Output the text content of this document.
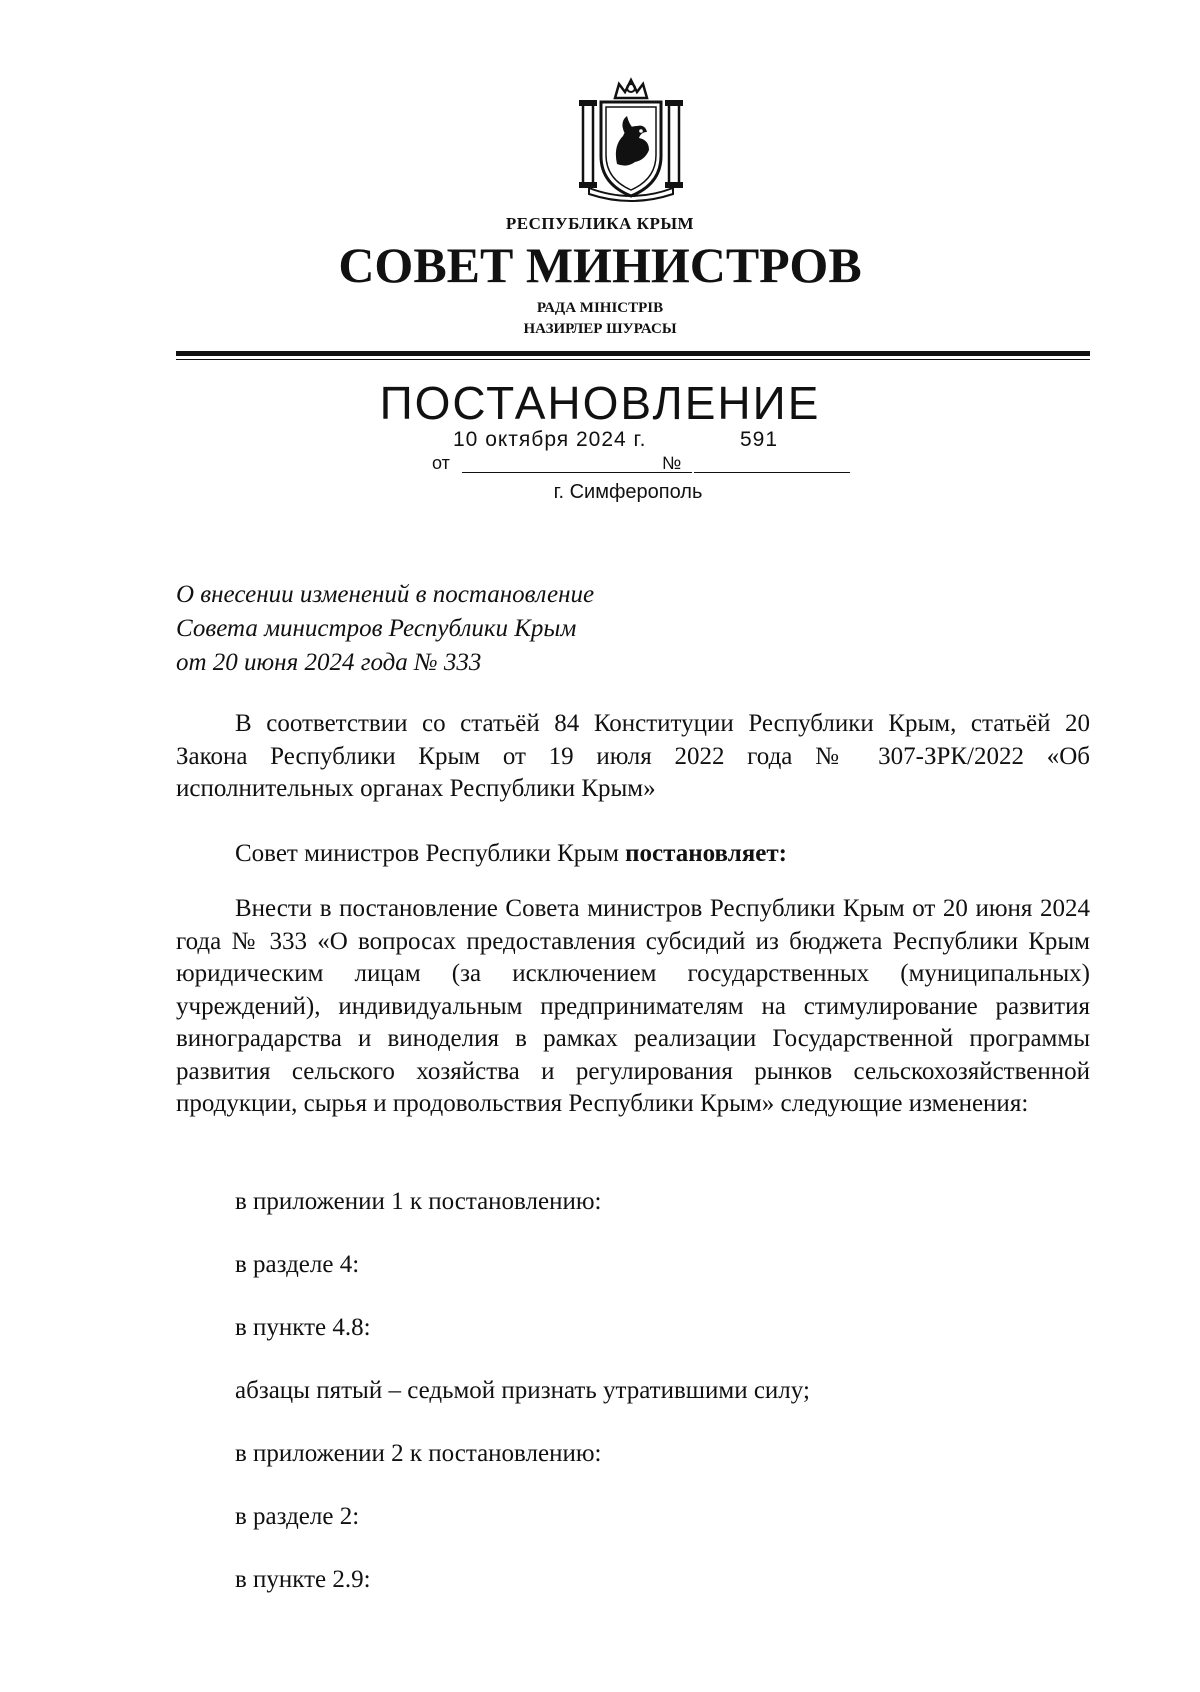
РЕСПУБЛИКА КРЫМ
СОВЕТ МИНИСТРОВ
РАДА МІНІСТРІВ
НАЗИРЛЕР ШУРАСЫ
ПОСТАНОВЛЕНИЕ
10 октября 2024 г.	591
от	№
г. Симферополь
О внесении изменений в постановление
Совета министров Республики Крым
от 20 июня 2024 года № 333
В соответствии со статьёй 84 Конституции Республики Крым, статьёй 20 Закона Республики Крым от 19 июля 2022 года № 307-ЗРК/2022 «Об исполнительных органах Республики Крым»
Совет министров Республики Крым постановляет:
Внести в постановление Совета министров Республики Крым от 20 июня 2024 года № 333 «О вопросах предоставления субсидий из бюджета Республики Крым юридическим лицам (за исключением государственных (муниципальных) учреждений), индивидуальным предпринимателям на стимулирование развития виноградарства и виноделия в рамках реализации Государственной программы развития сельского хозяйства и регулирования рынков сельскохозяйственной продукции, сырья и продовольствия Республики Крым» следующие изменения:
в приложении 1 к постановлению:
в разделе 4:
в пункте 4.8:
абзацы пятый – седьмой признать утратившими силу;
в приложении 2 к постановлению:
в разделе 2:
в пункте 2.9:
